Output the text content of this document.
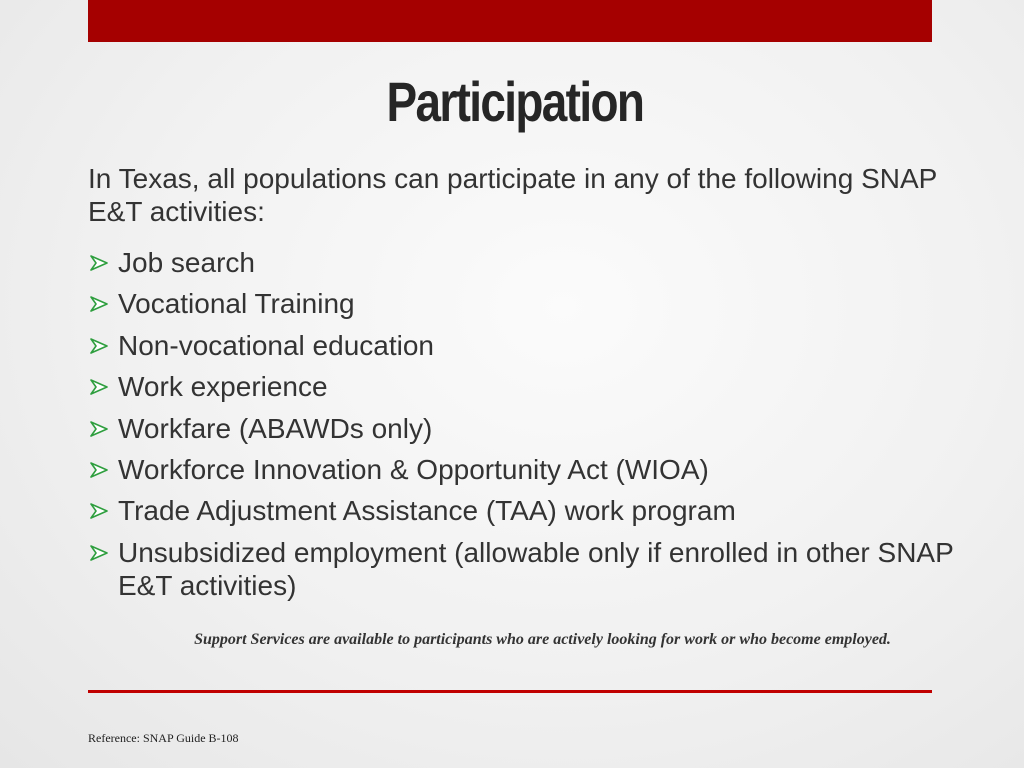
Participation

In Texas, all populations can participate in any of the following SNAP E&T activities:

Job search
Vocational Training
Non-vocational education
Work experience
Workfare (ABAWDs only)
Workforce Innovation & Opportunity Act (WIOA)
Trade Adjustment Assistance (TAA) work program
Unsubsidized employment (allowable only if enrolled in other SNAP E&T activities)

Support Services are available to participants who are actively looking for work or who become employed.

Reference: SNAP Guide B-108
